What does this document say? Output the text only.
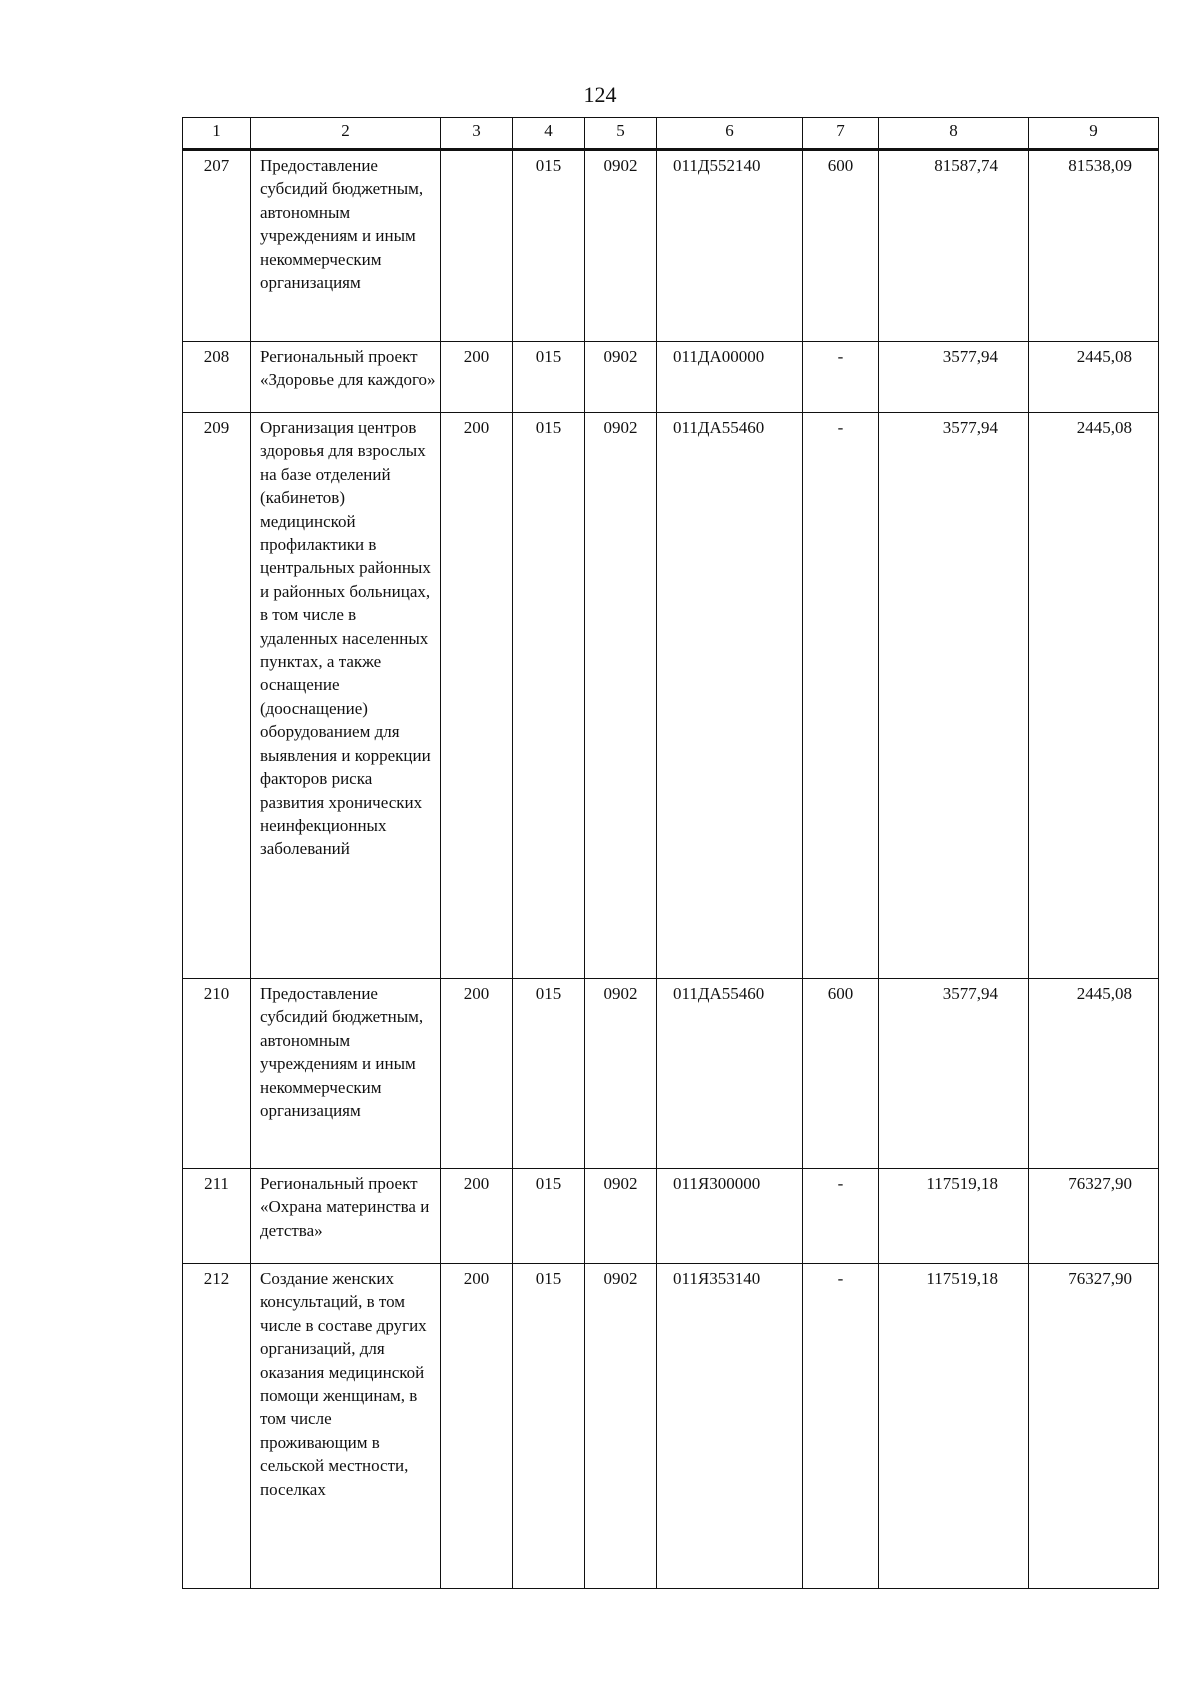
124
1	2	3	4	5	6	7	8	9
207	Предоставление субсидий бюджетным, автономным учреждениям и иным некоммерческим организациям		015	0902	011Д552140	600	81587,74	81538,09
208	Региональный проект «Здоровье для каждого»	200	015	0902	011ДА00000	-	3577,94	2445,08
209	Организация центров здоровья для взрослых на базе отделений (кабинетов) медицинской профилактики в центральных районных и районных больницах, в том числе в удаленных населенных пунктах, а также оснащение (дооснащение) оборудованием для выявления и коррекции факторов риска развития хронических неинфекционных заболеваний	200	015	0902	011ДА55460	-	3577,94	2445,08
210	Предоставление субсидий бюджетным, автономным учреждениям и иным некоммерческим организациям	200	015	0902	011ДА55460	600	3577,94	2445,08
211	Региональный проект «Охрана материнства и детства»	200	015	0902	011Я300000	-	117519,18	76327,90
212	Создание женских консультаций, в том числе в составе других организаций, для оказания медицинской помощи женщинам, в том числе проживающим в сельской местности, поселках	200	015	0902	011Я353140	-	117519,18	76327,90
